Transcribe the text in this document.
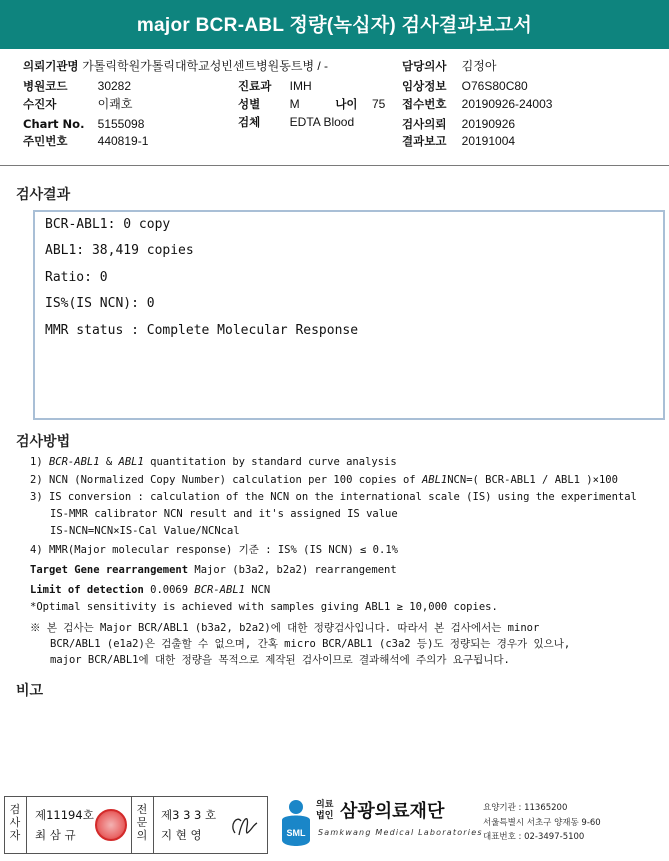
major BCR-ABL 정량(녹십자) 검사결과보고서
의뢰기관명 가톨릭학원가톨릭대학교성빈센트병원동트병 / -
병원코드	30282
수진자	이쾌호
Chart No. 5155098
주민번호	440819-1
진료과 IMH
성별 M	나이 75
검체 EDTA Blood
담당의사 김정아
임상정보 O76S80C80
접수번호 20190926-24003
검사의뢰 20190926
결과보고 20191004
검사결과
BCR-ABL1: 0 copy
ABL1: 38,419 copies
Ratio: 0
IS%(IS NCN): 0
MMR status : Complete Molecular Response
검사방법
1) BCR-ABL1 & ABL1 quantitation by standard curve analysis
2) NCN (Normalized Copy Number) calculation per 100 copies of ABL1NCN=( BCR-ABL1 / ABL1 )×100
3) IS conversion : calculation of the NCN on the international scale (IS) using the experimental
IS-MMR calibrator NCN result and it's assigned IS value
IS-NCN=NCN×IS-Cal Value/NCNcal
4) MMR(Major molecular response) 기준 : IS% (IS NCN) ≤ 0.1%
Target Gene rearrangement Major (b3a2, b2a2) rearrangement
Limit of detection 0.0069 BCR-ABL1 NCN
*Optimal sensitivity is achieved with samples giving ABL1 ≥ 10,000 copies.
※ 본 검사는 Major BCR/ABL1 (b3a2, b2a2)에 대한 정량검사입니다. 따라서 본 검사에서는 minor
BCR/ABL1 (e1a2)은 검출할 수 없으며, 간혹 micro BCR/ABL1 (c3a2 등)도 정량되는 경우가 있으나,
major BCR/ABL1에 대한 정량을 목적으로 제작된 검사이므로 결과해석에 주의가 요구됩니다.
비고
검사자
제11194호
최 삼 규
전문의
제3 3 3 호
지 현 영	SML
의료법인 삼광의료재단
Samkwang Medical Laboratories
요양기관 : 11365200
서울특별시 서초구 양재동 9-60
대표번호 : 02-3497-5100
